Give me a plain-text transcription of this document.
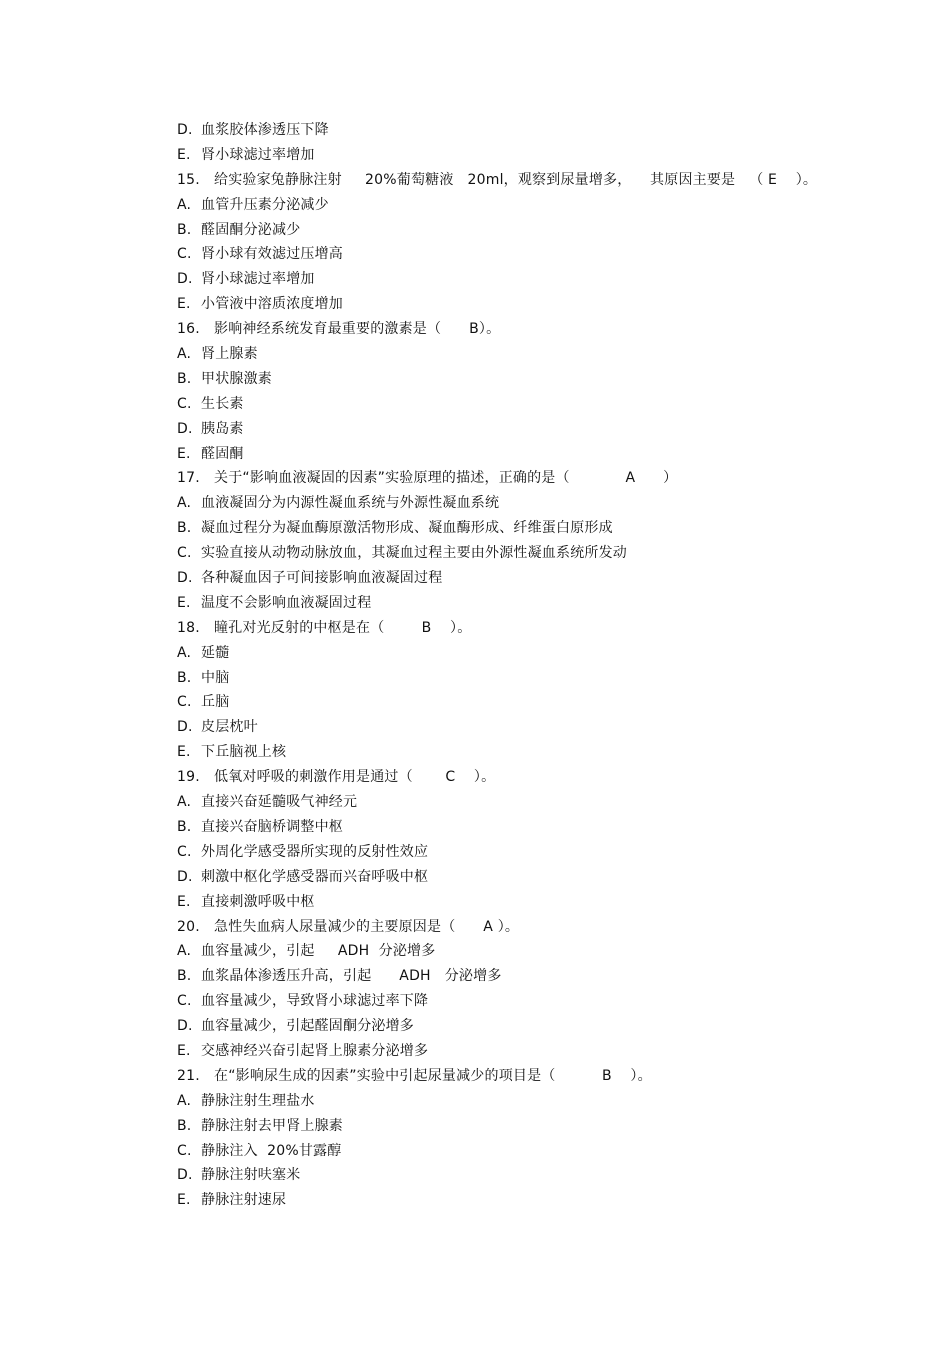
D. 血浆胶体渗透压下降
E. 肾小球滤过率增加
15. 给实验家兔静脉注射     20%葡萄糖液   20ml，观察到尿量增多，    其原因主要是   （ E    ）。
A. 血管升压素分泌减少
B. 醛固酮分泌减少
C. 肾小球有效滤过压增高
D. 肾小球滤过率增加
E. 小管液中溶质浓度增加
16. 影响神经系统发育最重要的激素是（      B）。
A. 肾上腺素
B. 甲状腺激素
C. 生长素
D. 胰岛素
E. 醛固酮
17. 关于“影响血液凝固的因素”实验原理的描述，正确的是（            A      ）
A. 血液凝固分为内源性凝血系统与外源性凝血系统
B. 凝血过程分为凝血酶原激活物形成、凝血酶形成、纤维蛋白原形成
C. 实验直接从动物动脉放血，其凝血过程主要由外源性凝血系统所发动
D. 各种凝血因子可间接影响血液凝固过程
E. 温度不会影响血液凝固过程
18. 瞳孔对光反射的中枢是在（        B    ）。
A. 延髓
B. 中脑
C. 丘脑
D. 皮层枕叶
E. 下丘脑视上核
19. 低氧对呼吸的刺激作用是通过（       C    ）。
A. 直接兴奋延髓吸气神经元
B. 直接兴奋脑桥调整中枢
C. 外周化学感受器所实现的反射性效应
D. 刺激中枢化学感受器而兴奋呼吸中枢
E. 直接刺激呼吸中枢
20. 急性失血病人尿量减少的主要原因是（      A ）。
A. 血容量减少，引起     ADH  分泌增多
B. 血浆晶体渗透压升高，引起      ADH   分泌增多
C. 血容量减少，导致肾小球滤过率下降
D. 血容量减少，引起醛固酮分泌增多
E. 交感神经兴奋引起肾上腺素分泌增多
21. 在“影响尿生成的因素”实验中引起尿量减少的项目是（          B    ）。
A. 静脉注射生理盐水
B. 静脉注射去甲肾上腺素
C. 静脉注入  20%甘露醇
D. 静脉注射呋塞米
E. 静脉注射速尿
